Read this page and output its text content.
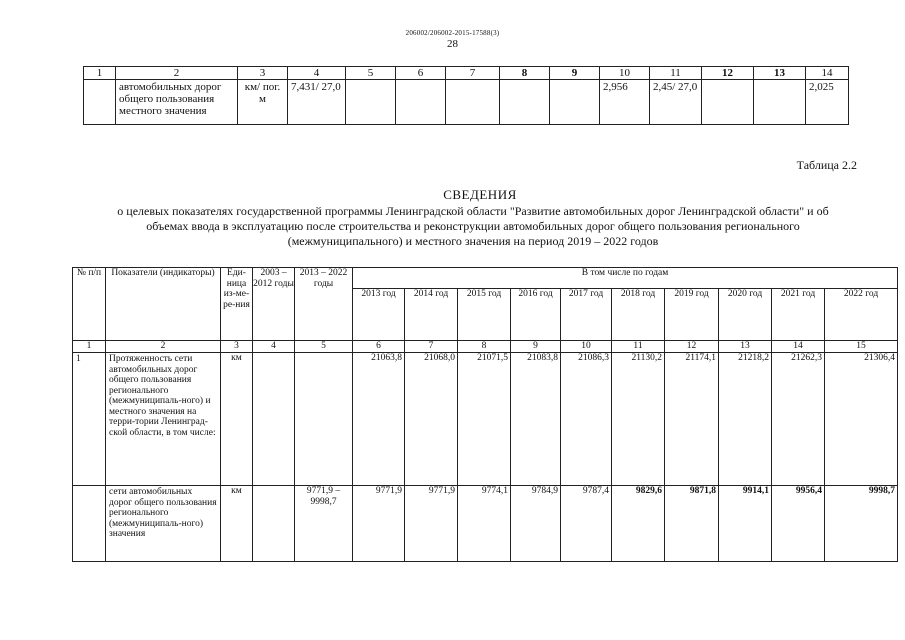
206002/206002-2015-17588(3)
28
1	2	3	4	5	6	7	8	9	10	11	12	13	14
	автомобильных дорог общего пользования местного значения	км/ пог. м	7,431/ 27,0						2,956	2,45/ 27,0			2,025
Таблица 2.2
СВЕДЕНИЯ
о целевых показателях государственной программы Ленинградской области "Развитие автомобильных дорог Ленинградской области" и об объемах ввода в эксплуатацию после строительства и реконструкции автомобильных дорог общего пользования регионального (межмуниципального) и местного значения на период 2019 – 2022 годов
№ п/п	Показатели (индикаторы)	Еди-ница из-ме-ре-ния	2003 – 2012 годы	2013 – 2022 годы	В том числе по годам									
					2013 год	2014 год	2015 год	2016 год	2017 год	2018 год	2019 год	2020 год	2021 год	2022 год
1	2	3	4	5	6	7	8	9	10	11	12	13	14	15
1	Протяженность сети автомобильных дорог общего пользования регионального (межмуниципаль-ного) и местного значения на терри-тории Ленинград-ской области, в том числе:	км			21063,8	21068,0	21071,5	21083,8	21086,3	21130,2	21174,1	21218,2	21262,3	21306,4
	сети автомобильных дорог общего пользования регионального (межмуниципаль-ного) значения	км		9771,9 – 9998,7	9771,9	9771,9	9774,1	9784,9	9787,4	9829,6	9871,8	9914,1	9956,4	9998,7
